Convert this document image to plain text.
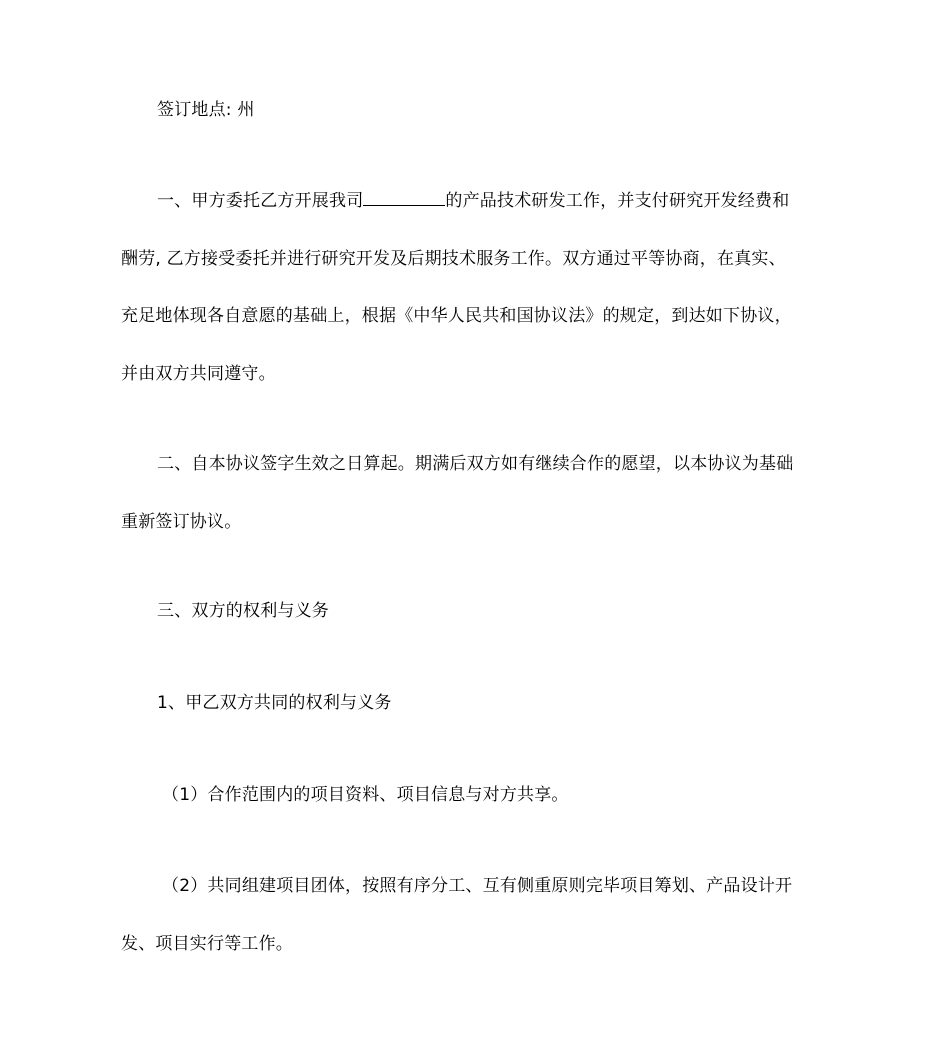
签订地点: 州
一、甲方委托乙方开展我司	的产品技术研发工作，并支付研究开发经费和
酬劳, 乙方接受委托并进行研究开发及后期技术服务工作。双方通过平等协商，在真实、
充足地体现各自意愿的基础上，根据《中华人民共和国协议法》的规定，到达如下协议，
并由双方共同遵守。
二、自本协议签字生效之日算起。期满后双方如有继续合作的愿望，以本协议为基础
重新签订协议。
三、双方的权利与义务
1、甲乙双方共同的权利与义务
（1）合作范围内的项目资料、项目信息与对方共享。
（2）共同组建项目团体，按照有序分工、互有侧重原则完毕项目筹划、产品设计开
发、项目实行等工作。
